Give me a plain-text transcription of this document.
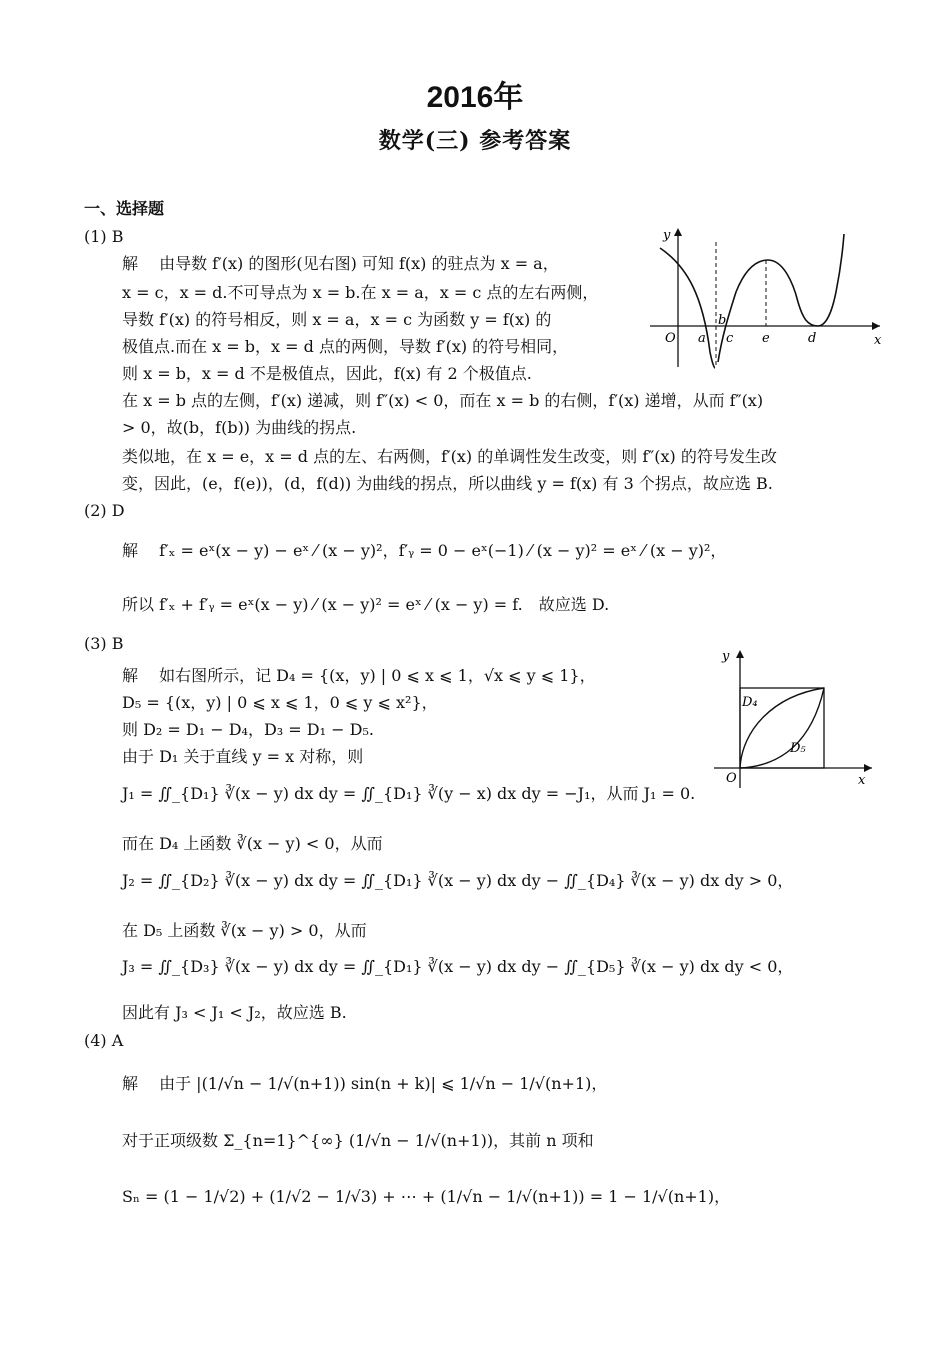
2016年
数学(三) 参考答案
一、选择题
(1) B
解　 由导数 f′(x) 的图形(见右图) 可知 f(x) 的驻点为 x = a，
x = c，x = d.不可导点为 x = b.在 x = a，x = c 点的左右两侧，
导数 f′(x) 的符号相反，则 x = a，x = c 为函数 y = f(x) 的
极值点.而在 x = b，x = d 点的两侧，导数 f′(x) 的符号相同，
则 x = b，x = d 不是极值点，因此，f(x) 有 2 个极值点.
在 x = b 点的左侧，f′(x) 递减，则 f″(x) < 0，而在 x = b 的右侧，f′(x) 递增，从而 f″(x)
> 0，故(b，f(b)) 为曲线的拐点.
类似地，在 x = e，x = d 点的左、右两侧，f′(x) 的单调性发生改变，则 f″(x) 的符号发生改
变，因此，(e，f(e))，(d，f(d)) 为曲线的拐点，所以曲线 y = f(x) 有 3 个拐点，故应选 B.
y
x
O a
b
c e	d
(2) D
解　 f′ₓ = eˣ(x − y) − eˣ ⁄ (x − y)²，f′ᵧ = 0 − eˣ(−1) ⁄ (x − y)² = eˣ ⁄ (x − y)²，
所以 f′ₓ + f′ᵧ = eˣ(x − y) ⁄ (x − y)² = eˣ ⁄ (x − y) = f.　故应选 D.
(3) B
解　 如右图所示，记 D₄ = {(x，y) | 0 ⩽ x ⩽ 1，√x ⩽ y ⩽ 1}，
D₅ = {(x，y) | 0 ⩽ x ⩽ 1，0 ⩽ y ⩽ x²}，
则 D₂ = D₁ − D₄，D₃ = D₁ − D₅.
由于 D₁ 关于直线 y = x 对称，则
J₁ = ∬_{D₁} ∛(x − y) dx dy = ∬_{D₁} ∛(y − x) dx dy = −J₁，从而 J₁ = 0.
而在 D₄ 上函数 ∛(x − y) < 0，从而
J₂ = ∬_{D₂} ∛(x − y) dx dy = ∬_{D₁} ∛(x − y) dx dy − ∬_{D₄} ∛(x − y) dx dy > 0，
在 D₅ 上函数 ∛(x − y) > 0，从而
J₃ = ∬_{D₃} ∛(x − y) dx dy = ∬_{D₁} ∛(x − y) dx dy − ∬_{D₅} ∛(x − y) dx dy < 0，
因此有 J₃ < J₁ < J₂，故应选 B.
y
x
O
D₄
D₅
(4) A
解　 由于 |(1/√n − 1/√(n+1)) sin(n + k)| ⩽ 1/√n − 1/√(n+1)，
对于正项级数 Σ_{n=1}^{∞} (1/√n − 1/√(n+1))，其前 n 项和
Sₙ = (1 − 1/√2) + (1/√2 − 1/√3) + ⋯ + (1/√n − 1/√(n+1)) = 1 − 1/√(n+1)，
